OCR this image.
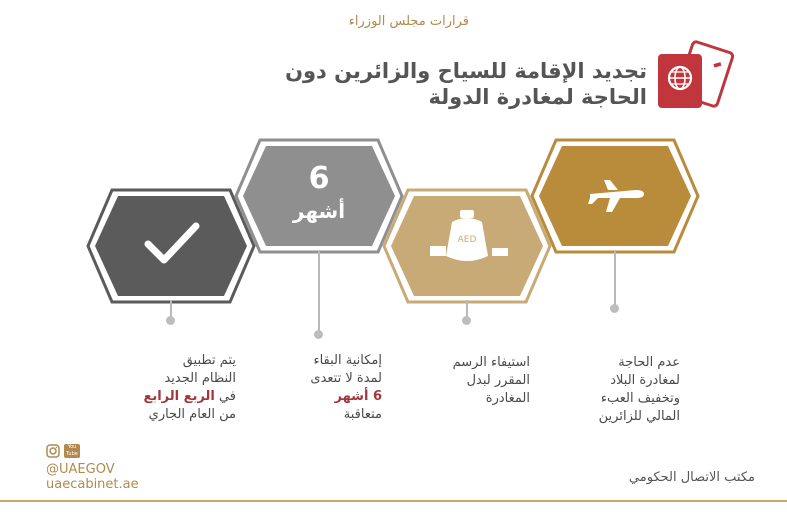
قرارات مجلس الوزراء
تجديد الإقامة للسياح والزائرين دون
الحاجة لمغادرة الدولة
عدم الحاجة
لمغادرة البلاد
وتخفيف العبء
المالي للزائرين
AED
استيفاء الرسم
المقرر لبدل
المغادرة
6
أشهر
إمكانية البقاء
لمدة لا تتعدى
6 أشهر
متعاقبة
يتم تطبيق
النظام الجديد
في الربع الرابع
من العام الجاري
You Tube
@UAEGOV
uaecabinet.ae	مكتب الاتصال الحكومي
